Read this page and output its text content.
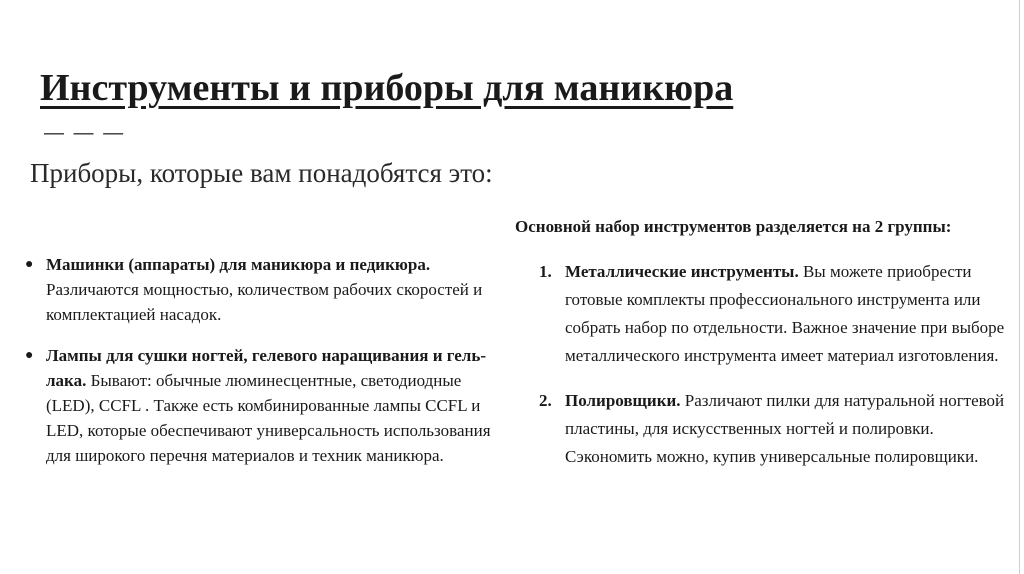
Инструменты и приборы для маникюра
— — —
Приборы, которые вам понадобятся это:
● Машинки (аппараты) для маникюра и педикюра. Различаются мощностью, количеством рабочих скоростей и комплектацией насадок.
● Лампы для сушки ногтей, гелевого наращивания и гель-лака. Бывают: обычные люминесцентные, светодиодные (LED), CCFL . Также есть комбинированные лампы CCFL и LED, которые обеспечивают универсальность использования для широкого перечня материалов и техник маникюра.
Основной набор инструментов разделяется на 2 группы:
1. Металлические инструменты. Вы можете приобрести готовые комплекты профессионального инструмента или собрать набор по отдельности. Важное значение при выборе металлического инструмента имеет материал изготовления.
2. Полировщики. Различают пилки для натуральной ногтевой пластины, для искусственных ногтей и полировки. Сэкономить можно, купив универсальные полировщики.
